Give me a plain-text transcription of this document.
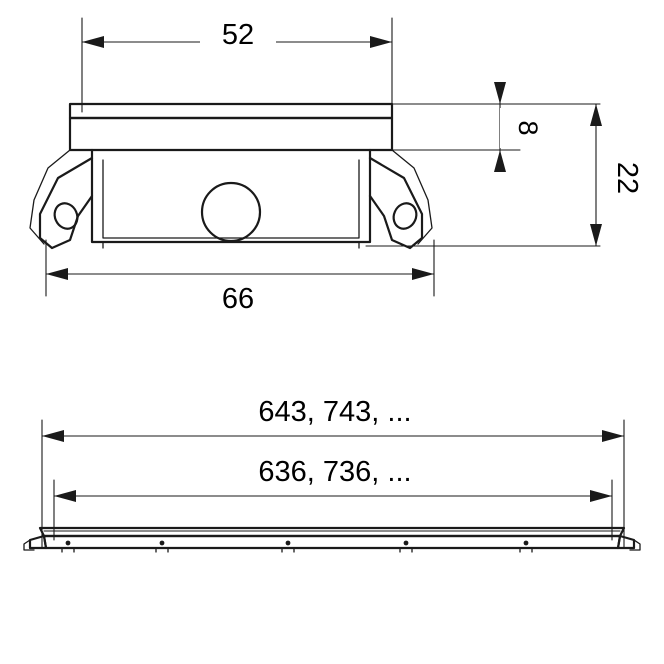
52
66
8
22
643, 743, ...
636, 736, ...
